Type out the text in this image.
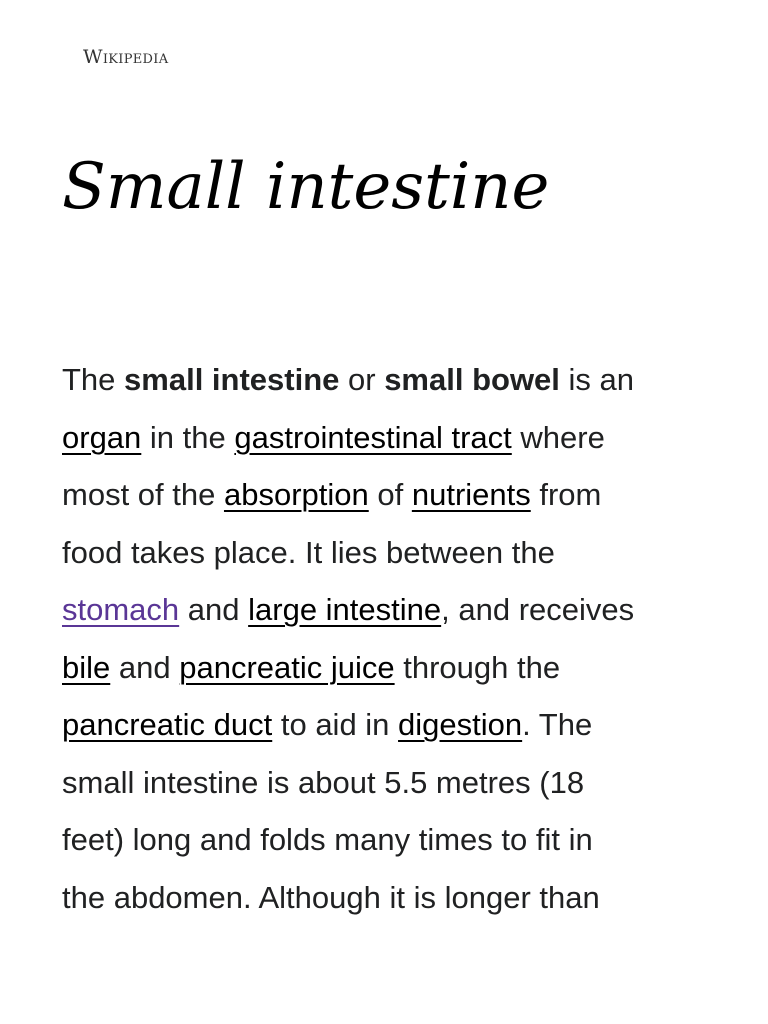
Wikipedia
Small intestine

The small intestine or small bowel is an
organ in the gastrointestinal tract where
most of the absorption of nutrients from
food takes place. It lies between the
stomach and large intestine, and receives
bile and pancreatic juice through the
pancreatic duct to aid in digestion. The
small intestine is about 5.5 metres (18
feet) long and folds many times to fit in
the abdomen. Although it is longer than
